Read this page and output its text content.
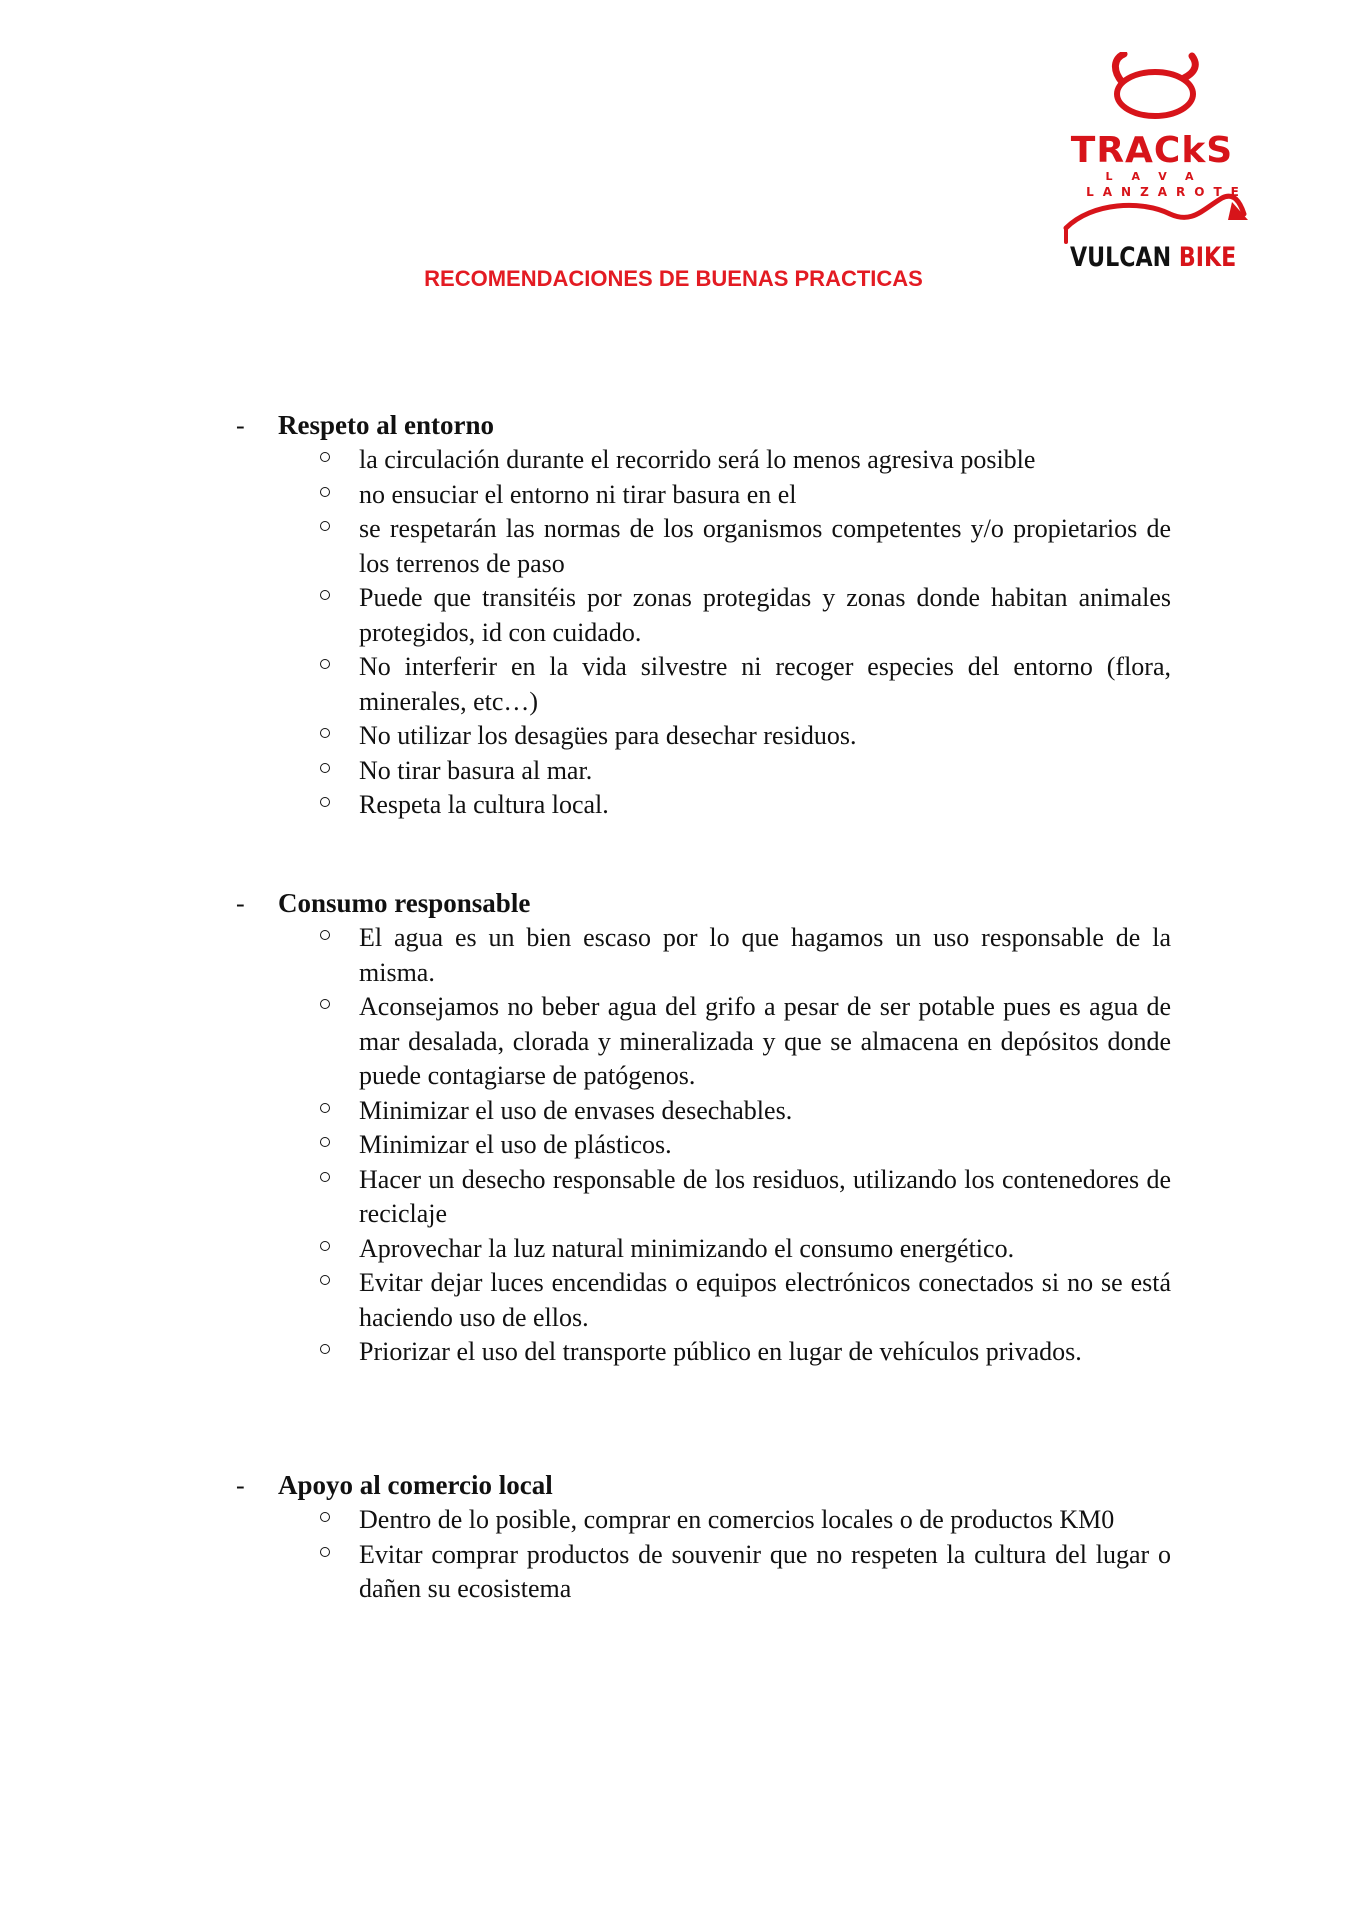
TRACkS
LAVA
LANZAROTE
VULCAN BIKE
RECOMENDACIONES DE BUENAS PRACTICAS
- Respeto al entorno
la circulación durante el recorrido será lo menos agresiva posible
no ensuciar el entorno ni tirar basura en el
se respetarán las normas de los organismos competentes y/o propietarios de los terrenos de paso
Puede que transitéis por zonas protegidas y zonas donde habitan animales protegidos, id con cuidado.
No interferir en la vida silvestre ni recoger especies del entorno (flora, minerales, etc…)
No utilizar los desagües para desechar residuos.
No tirar basura al mar.
Respeta la cultura local.
- Consumo responsable
El agua es un bien escaso por lo que hagamos un uso responsable de la misma.
Aconsejamos no beber agua del grifo a pesar de ser potable pues es agua de mar desalada, clorada y mineralizada y que se almacena en depósitos donde puede contagiarse de patógenos.
Minimizar el uso de envases desechables.
Minimizar el uso de plásticos.
Hacer un desecho responsable de los residuos, utilizando los contenedores de reciclaje
Aprovechar la luz natural minimizando el consumo energético.
Evitar dejar luces encendidas o equipos electrónicos conectados si no se está haciendo uso de ellos.
Priorizar el uso del transporte público en lugar de vehículos privados.
- Apoyo al comercio local
Dentro de lo posible, comprar en comercios locales o de productos KM0
Evitar comprar productos de souvenir que no respeten la cultura del lugar o dañen su ecosistema
